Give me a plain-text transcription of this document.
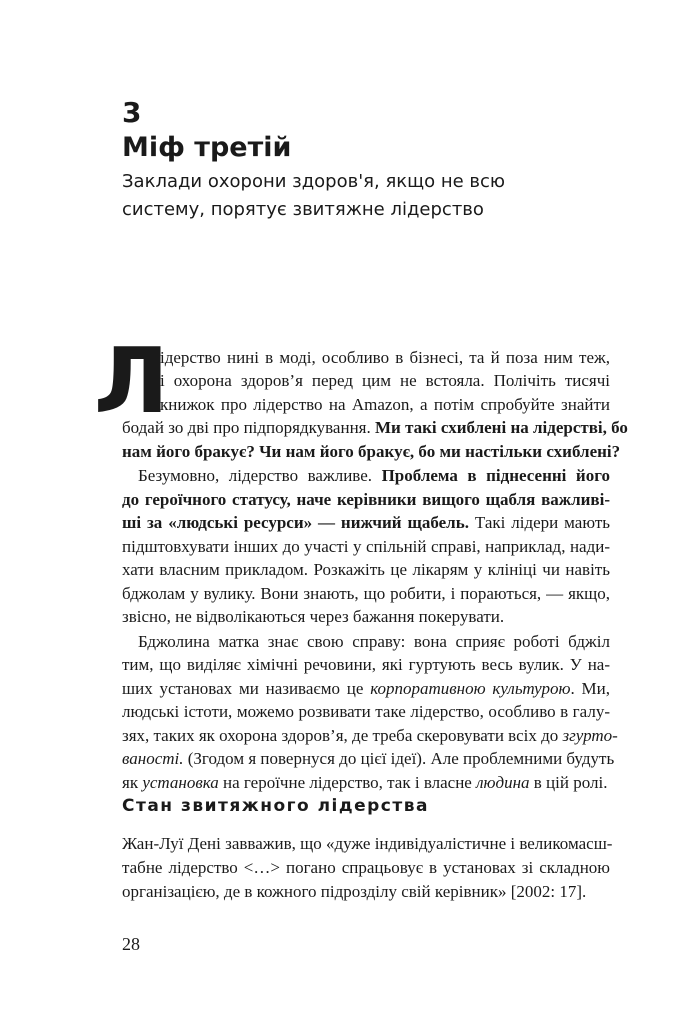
3
Міф третій
Заклади охорони здоров'я, якщо не всю систему, порятує звитяжне лідерство
Л
ідерство нині в моді, особливо в бізнесі, та й поза ним теж,
і охорона здоров’я перед цим не встояла. Полічіть тисячі
книжок про лідерство на Amazon, а потім спробуйте знайти
бодай зо дві про підпорядкування. Ми такі схиблені на лідерстві, бо
нам його бракує? Чи нам його бракує, бо ми настільки схиблені?
Безумовно, лідерство важливе. Проблема в піднесенні його
до героїчного статусу, наче керівники вищого щабля важливі-
ші за «людські ресурси» — нижчий щабель. Такі лідери мають
підштовхувати інших до участі у спільній справі, наприклад, нади-
хати власним прикладом. Розкажіть це лікарям у клініці чи навіть
бджолам у вулику. Вони знають, що робити, і пораються, — якщо,
звісно, не відволікаються через бажання покерувати.
Бджолина матка знає свою справу: вона сприяє роботі бджіл
тим, що виділяє хімічні речовини, які гуртують весь вулик. У на-
ших установах ми називаємо це корпоративною культурою. Ми,
людські істоти, можемо розвивати таке лідерство, особливо в галу-
зях, таких як охорона здоров’я, де треба скеровувати всіх до згурто-
ваності. (Згодом я повернуся до цієї ідеї). Але проблемними будуть
як установка на героїчне лідерство, так і власне людина в цій ролі.
Стан звитяжного лідерства
Жан-Луї Дені завважив, що «дуже індивідуалістичне і великомасш-
табне лідерство <…> погано спрацьовує в установах зі складною
організацією, де в кожного підрозділу свій керівник» [2002: 17].
28
